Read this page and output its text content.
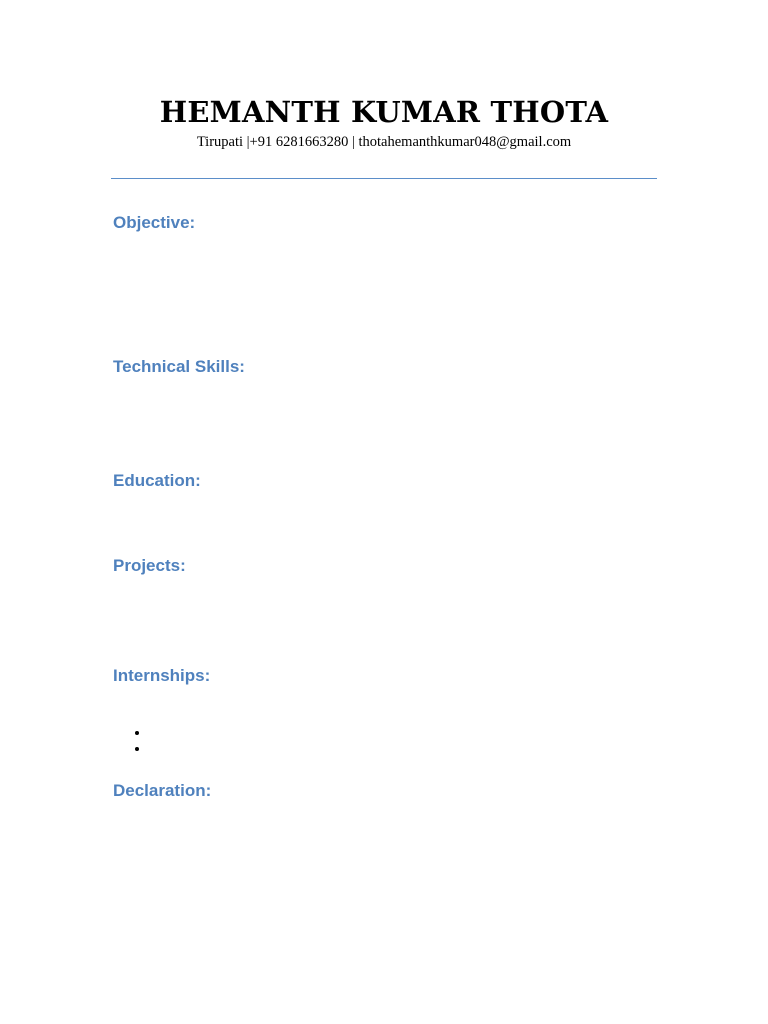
HEMANTH KUMAR THOTA
Tirupati |+91 6281663280 | thotahemanthkumar048@gmail.com
Objective:
Technical Skills:
Education:
Projects:
Internships:
Declaration:
